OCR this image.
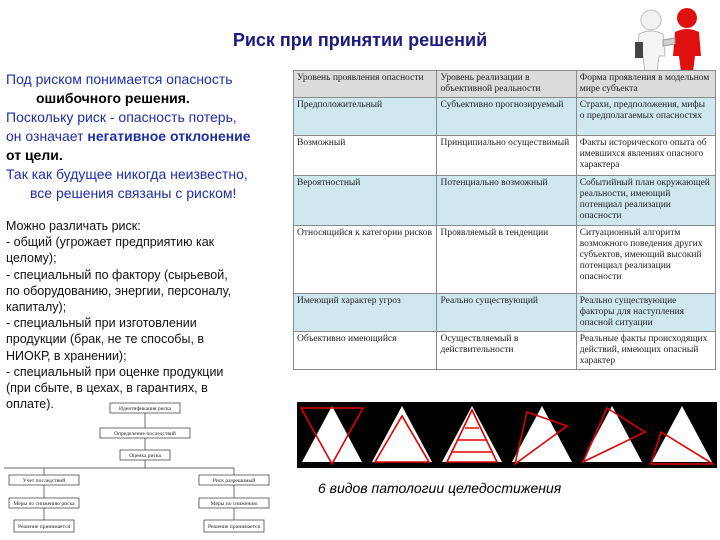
Риск при принятии решений

Под риском понимается опасность

ошибочного решения.

Поскольку риск - опасность потерь,

он означает негативное отклонение

от цели.

Так как будущее никогда неизвестно,

все решения связаны с риском!

Можно различать риск:
- общий (угрожает предприятию как
целому);
- специальный по фактору (сырьевой,
по оборудованию, энергии, персоналу,
капиталу);
- специальный при изготовлении
продукции (брак, не те способы, в
НИОКР, в хранении);
- специальный при оценке продукции
(при сбыте, в цехах, в гарантиях, в
оплате).
Уровень проявления опасности	Уровень реализации в объективной реальности	Форма проявления в модельном мире субъекта
Предположительный	Субъективно прогнозируемый	Страхи, предположения, мифы о предполагаемых опасностях
Возможный	Принципиально осуществимый	Факты исторического опыта об имевшихся явлениях опасного характера
Вероятностный	Потенциально возможный	Событийный план окружающей реальности, имеющий потенциал реализации опасности
Относящийся к категории рисков	Проявляемый в тенденции	Ситуационный алгоритм возможного поведения других субъектов, имеющий высокий потенциал реализации опасности
Имеющий характер угроз	Реально существующий	Реально существующие факторы для наступления опасной ситуации
Объективно имеющийся	Осуществляемый в действительности	Реальные факты происходящих действий, имеющих опасный характер
Идентификация риска
Определение последствий
Оценка риска
Учет последствий	Риск разрешимый
Меры по снижению риска	Меры по снижению
Решение принимается	Решение принимается
6 видов патологии целедостижения
